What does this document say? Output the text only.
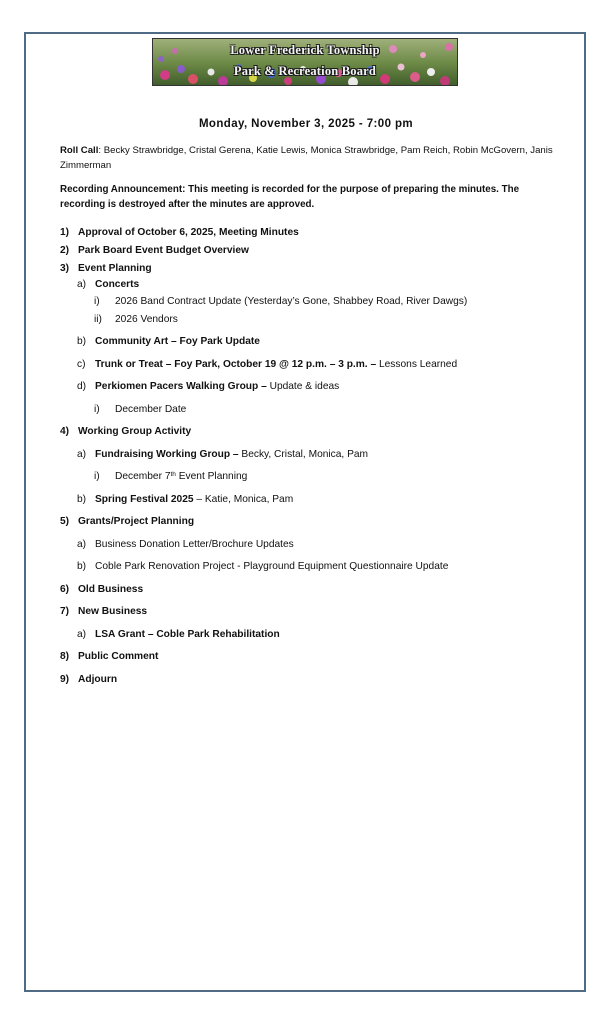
Lower Frederick Township
Park & Recreation Board
Monday, November 3, 2025 - 7:00 pm
Roll Call: Becky Strawbridge, Cristal Gerena, Katie Lewis, Monica Strawbridge, Pam Reich, Robin McGovern, Janis Zimmerman
Recording Announcement: This meeting is recorded for the purpose of preparing the minutes. The recording is destroyed after the minutes are approved.
1) Approval of October 6, 2025, Meeting Minutes
2) Park Board Event Budget Overview
3) Event Planning
a) Concerts
i) 2026 Band Contract Update (Yesterday’s Gone, Shabbey Road, River Dawgs)
ii) 2026 Vendors
b) Community Art – Foy Park Update
c) Trunk or Treat – Foy Park, October 19 @ 12 p.m. – 3 p.m. – Lessons Learned
d) Perkiomen Pacers Walking Group – Update & ideas
i) December Date
4) Working Group Activity
a) Fundraising Working Group – Becky, Cristal, Monica, Pam
i) December 7th Event Planning
b) Spring Festival 2025 – Katie, Monica, Pam
5) Grants/Project Planning
a) Business Donation Letter/Brochure Updates
b) Coble Park Renovation Project - Playground Equipment Questionnaire Update
6) Old Business
7) New Business
a) LSA Grant – Coble Park Rehabilitation
8) Public Comment
9) Adjourn
